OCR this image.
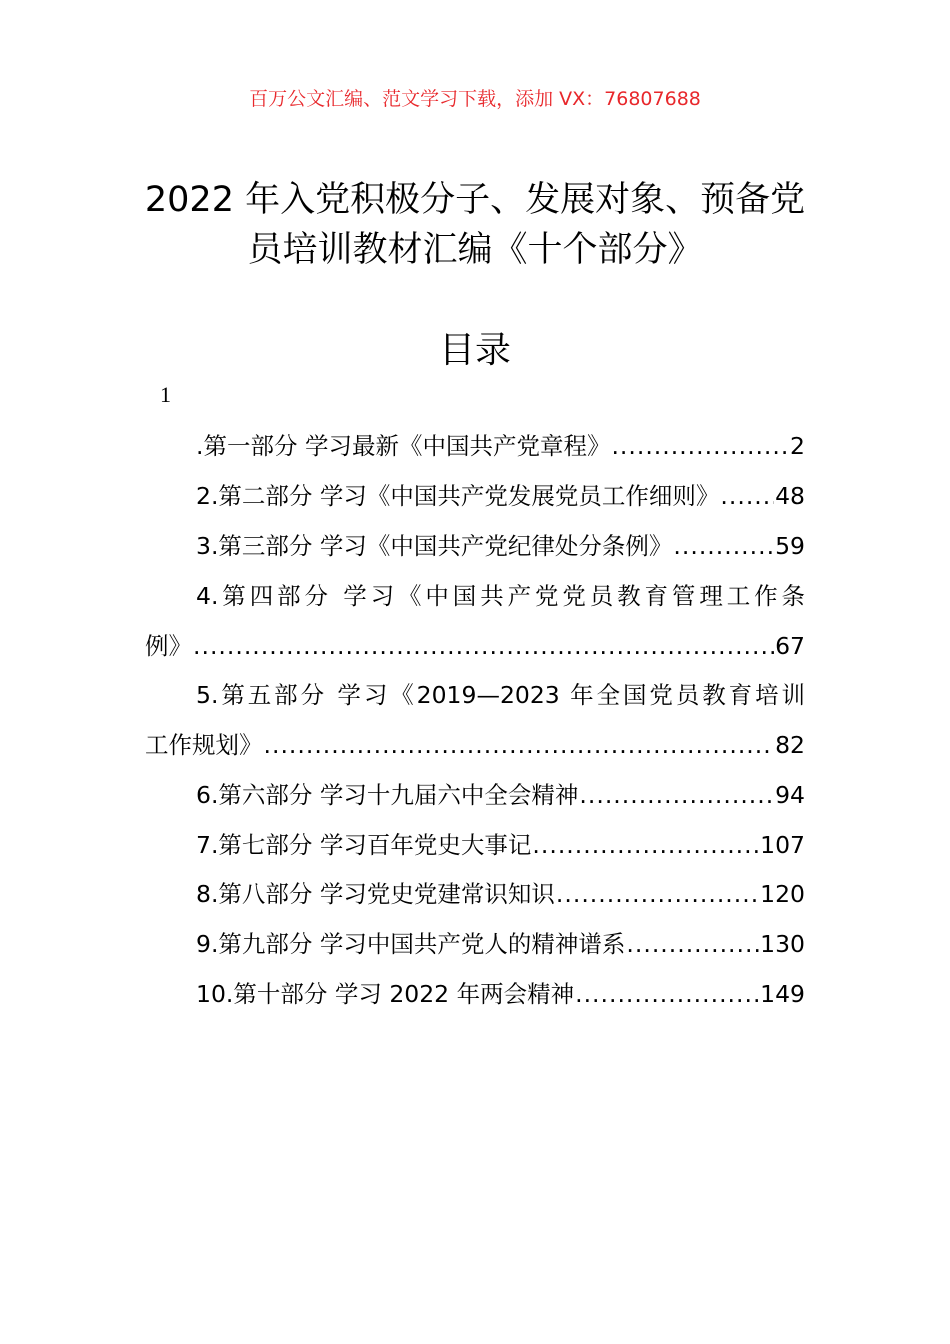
百万公文汇编、范文学习下载，添加 VX：76807688
2022 年入党积极分子、发展对象、预备党
员培训教材汇编《十个部分》
目录
1
.第一部分 学习最新《中国共产党章程》 .....	2
2.第二部分 学习《中国共产党发展党员工作细则》 ..... 48
3.第三部分 学习《中国共产党纪律处分条例》 .....	59
4.第四部分 学习《中国共产党党员教育管理工作条
例》 .....	67
5.第五部分 学习《2019—2023 年全国党员教育培训
工作规划》 .....	82
6.第六部分 学习十九届六中全会精神 .....	94
7.第七部分 学习百年党史大事记 .....	107
8.第八部分 学习党史党建常识知识 .....	120
9.第九部分 学习中国共产党人的精神谱系 .....	130
10.第十部分 学习 2022 年两会精神 .....	149
